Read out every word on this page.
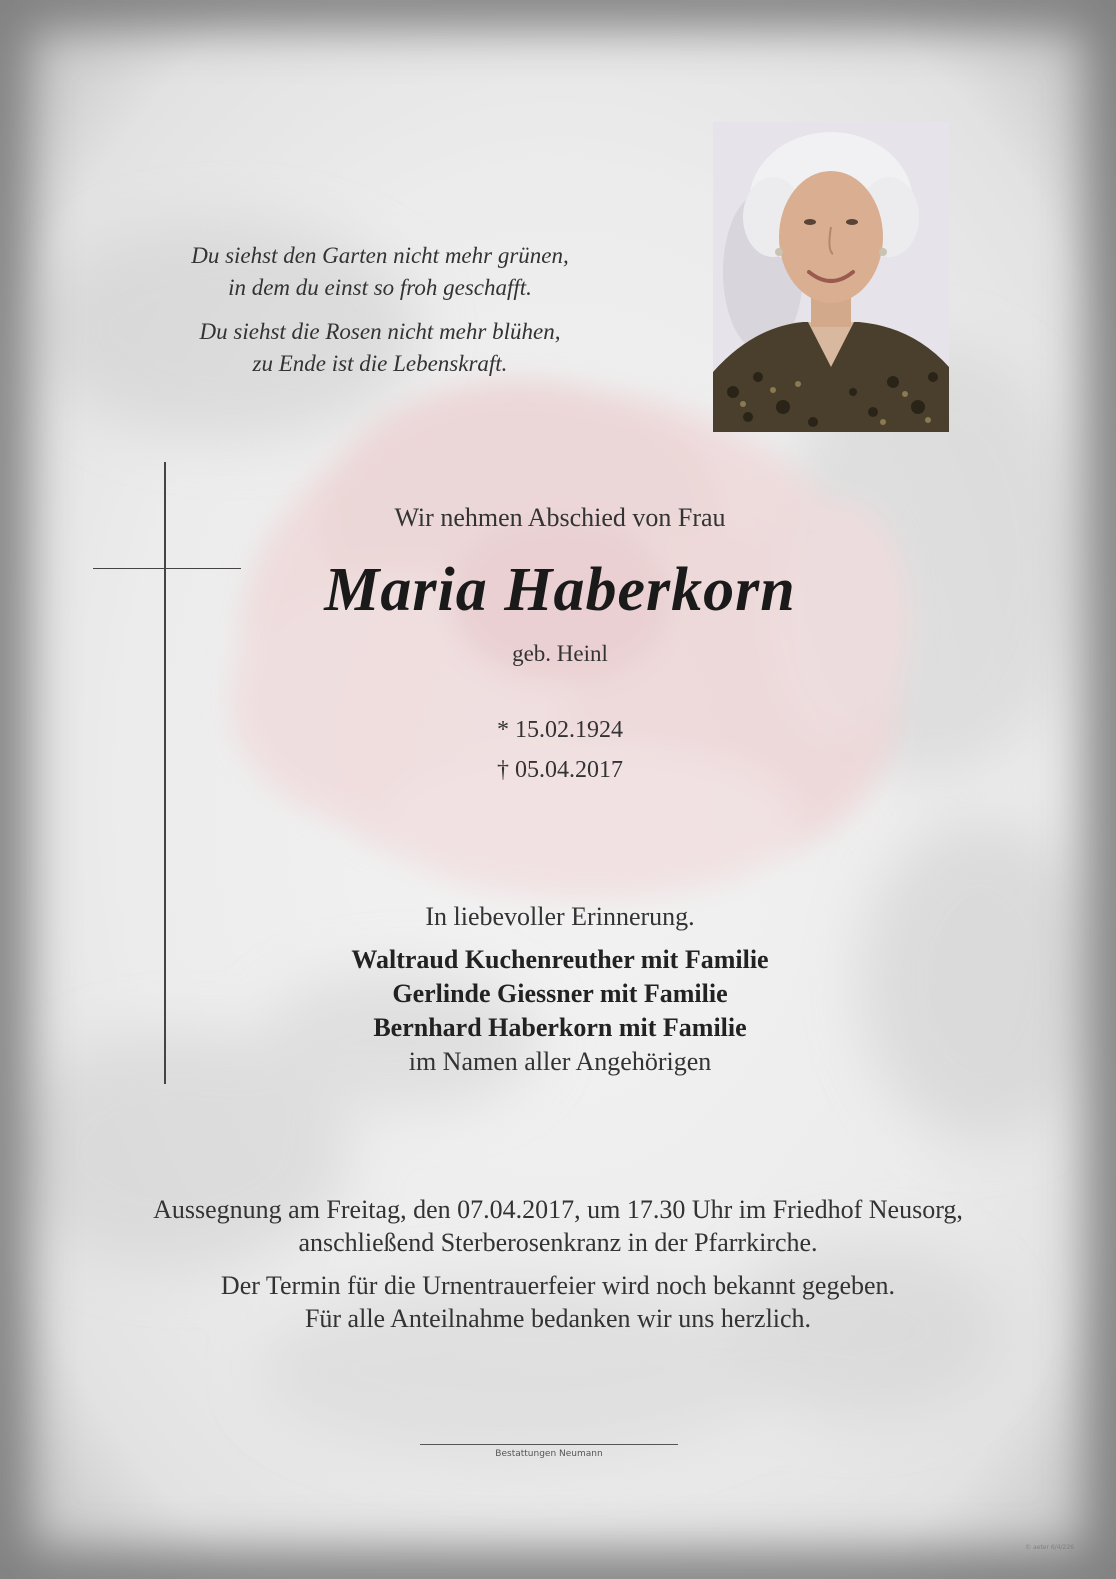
Du siehst den Garten nicht mehr grünen,
in dem du einst so froh geschafft.

Du siehst die Rosen nicht mehr blühen,
zu Ende ist die Lebenskraft.

Wir nehmen Abschied von Frau
Maria Haberkorn
geb. Heinl
* 15.02.1924
† 05.04.2017
In liebevoller Erinnerung.
Waltraud Kuchenreuther mit Familie
Gerlinde Giessner mit Familie
Bernhard Haberkorn mit Familie
im Namen aller Angehörigen

Aussegnung am Freitag, den 07.04.2017, um 17.30 Uhr im Friedhof Neusorg,
anschließend Sterberosenkranz in der Pfarrkirche.

Der Termin für die Urnentrauerfeier wird noch bekannt gegeben.
Für alle Anteilnahme bedanken wir uns herzlich.

Bestattungen Neumann
© aeter 6/4/226
